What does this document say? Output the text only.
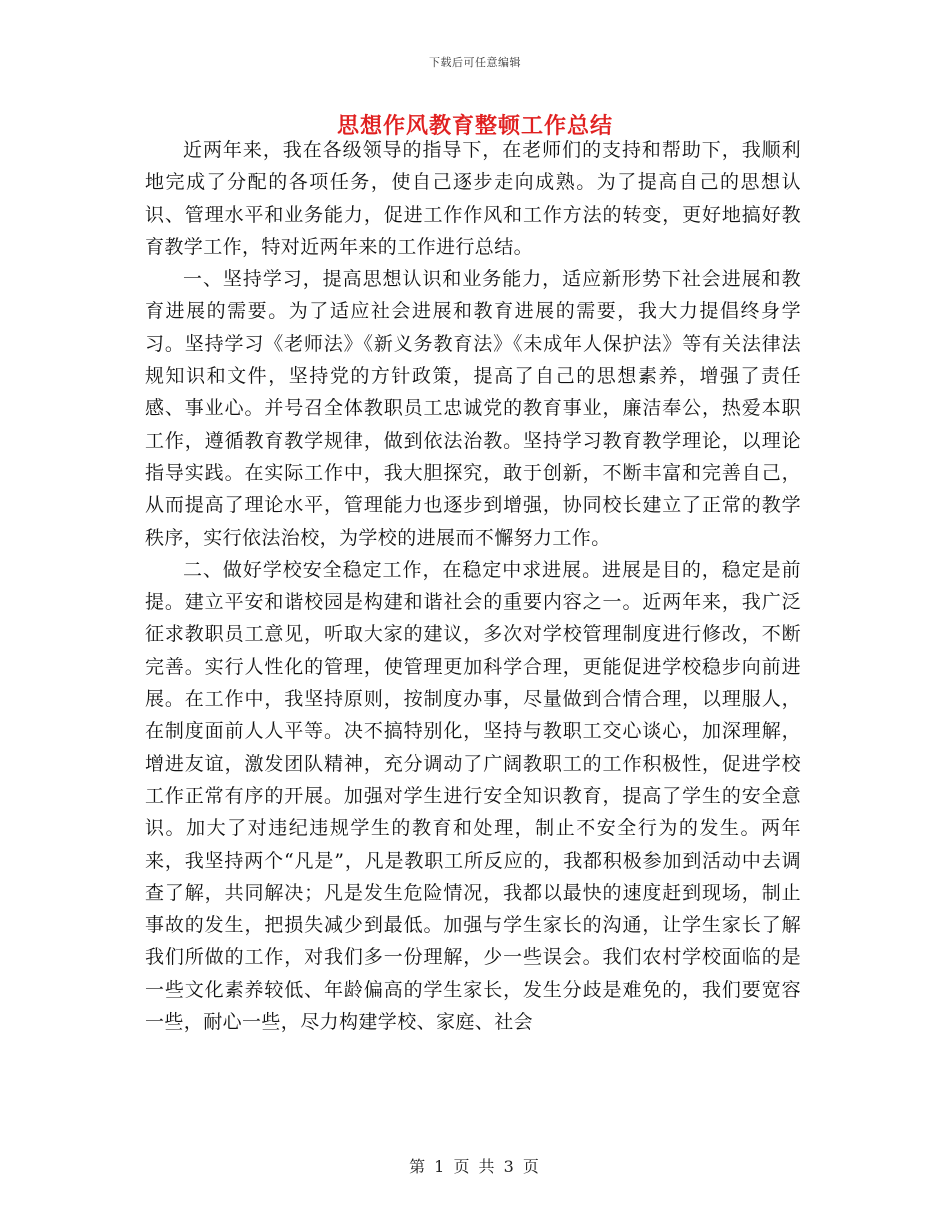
下载后可任意编辑
思想作风教育整顿工作总结

近两年来，我在各级领导的指导下，在老师们的支持和帮助下，我顺利地完成了分配的各项任务，使自己逐步走向成熟。为了提高自己的思想认识、管理水平和业务能力，促进工作作风和工作方法的转变，更好地搞好教育教学工作，特对近两年来的工作进行总结。

一、坚持学习，提高思想认识和业务能力，适应新形势下社会进展和教育进展的需要。为了适应社会进展和教育进展的需要，我大力提倡终身学习。坚持学习《老师法》《新义务教育法》《未成年人保护法》等有关法律法规知识和文件，坚持党的方针政策，提高了自己的思想素养，增强了责任感、事业心。并号召全体教职员工忠诚党的教育事业，廉洁奉公，热爱本职工作，遵循教育教学规律，做到依法治教。坚持学习教育教学理论，以理论指导实践。在实际工作中，我大胆探究，敢于创新，不断丰富和完善自己，从而提高了理论水平，管理能力也逐步到增强，协同校长建立了正常的教学秩序，实行依法治校，为学校的进展而不懈努力工作。

二、做好学校安全稳定工作，在稳定中求进展。进展是目的，稳定是前提。建立平安和谐校园是构建和谐社会的重要内容之一。近两年来，我广泛征求教职员工意见，听取大家的建议，多次对学校管理制度进行修改，不断完善。实行人性化的管理，使管理更加科学合理，更能促进学校稳步向前进展。在工作中，我坚持原则，按制度办事，尽量做到合情合理，以理服人，在制度面前人人平等。决不搞特别化，坚持与教职工交心谈心，加深理解，增进友谊，激发团队精神，充分调动了广阔教职工的工作积极性，促进学校工作正常有序的开展。加强对学生进行安全知识教育，提高了学生的安全意识。加大了对违纪违规学生的教育和处理，制止不安全行为的发生。两年来，我坚持两个“凡是”，凡是教职工所反应的，我都积极参加到活动中去调查了解，共同解决；凡是发生危险情况，我都以最快的速度赶到现场，制止事故的发生，把损失减少到最低。加强与学生家长的沟通，让学生家长了解我们所做的工作，对我们多一份理解，少一些误会。我们农村学校面临的是一些文化素养较低、年龄偏高的学生家长，发生分歧是难免的，我们要宽容一些，耐心一些，尽力构建学校、家庭、社会

第 1 页 共 3 页
